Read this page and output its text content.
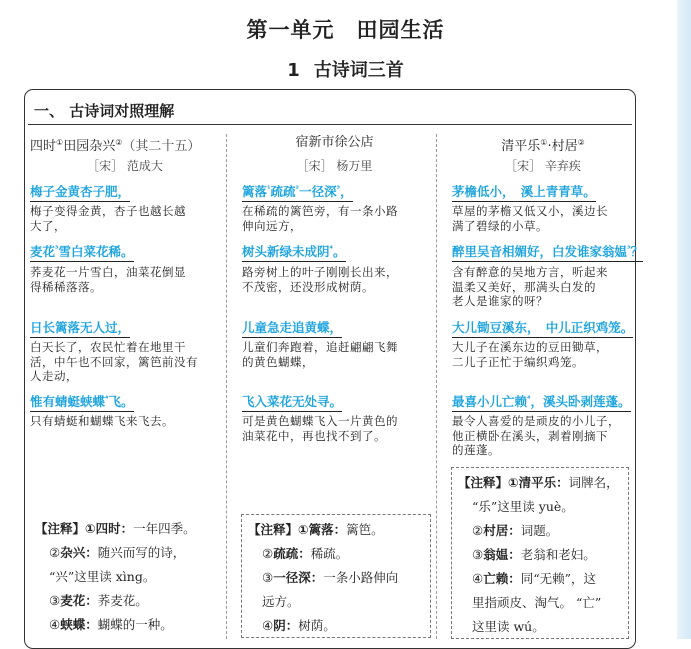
第一单元　田园生活
1 古诗词三首
一、 古诗词对照理解
四时①田园杂兴②（其二十五）
［宋］ 范成大
梅子金黄杏子肥，
梅子变得金黄，杏子也越长越
大了，
麦花$^{^3}$雪白菜花稀。
荞麦花一片雪白，油菜花倒显
得稀稀落落。
日长篱落无人过，
白天长了，农民忙着在地里干
活，中午也不回家，篱笆前没有
人走动，
惟有蜻蜓蛱蝶$^{^4}$飞。
只有蜻蜓和蝴蝶飞来飞去。
【注释】①四时：一年四季。
②杂兴：随兴而写的诗，
“兴”这里读 xìng。
③麦花：荞麦花。
④蛱蝶：蝴蝶的一种。
宿新市徐公店
［宋］ 杨万里
篱落$^{^1}$疏疏$^{^2}$一径深$^{^3}$，
在稀疏的篱笆旁，有一条小路
伸向远方，
树头新绿未成阴$^{^4}$。
路旁树上的叶子刚刚长出来，
不茂密，还没形成树荫。
儿童急走追黄蝶，
儿童们奔跑着，追赶翩翩飞舞
的黄色蝴蝶，
飞入菜花无处寻。
可是黄色蝴蝶飞入一片黄色的
油菜花中，再也找不到了。
【注释】①篱落：篱笆。
②疏疏：稀疏。
③一径深：一条小路伸向
远方。
④阴：树荫。
清平乐①·村居②
［宋］ 辛弃疾
茅檐低小，　溪上青青草。
草屋的茅檐又低又小，溪边长
满了碧绿的小草。
醉里吴音相媚好，白发谁家翁媪$^{^3}$？
含有醉意的吴地方言，听起来
温柔又美好，那满头白发的
老人是谁家的呀？
大儿锄豆溪东，　中儿正织鸡笼。
大儿子在溪东边的豆田锄草，
二儿子正忙于编织鸡笼。
最喜小儿亡赖$^{^4}$，溪头卧剥莲蓬。
最令人喜爱的是顽皮的小儿子，
他正横卧在溪头，剥着刚摘下
的莲蓬。
【注释】①清平乐：词牌名，
“乐”这里读 yuè。
②村居：词题。
③翁媪：老翁和老妇。
④亡赖：同“无赖”，这
里指顽皮、淘气。 “亡”
这里读 wú。
